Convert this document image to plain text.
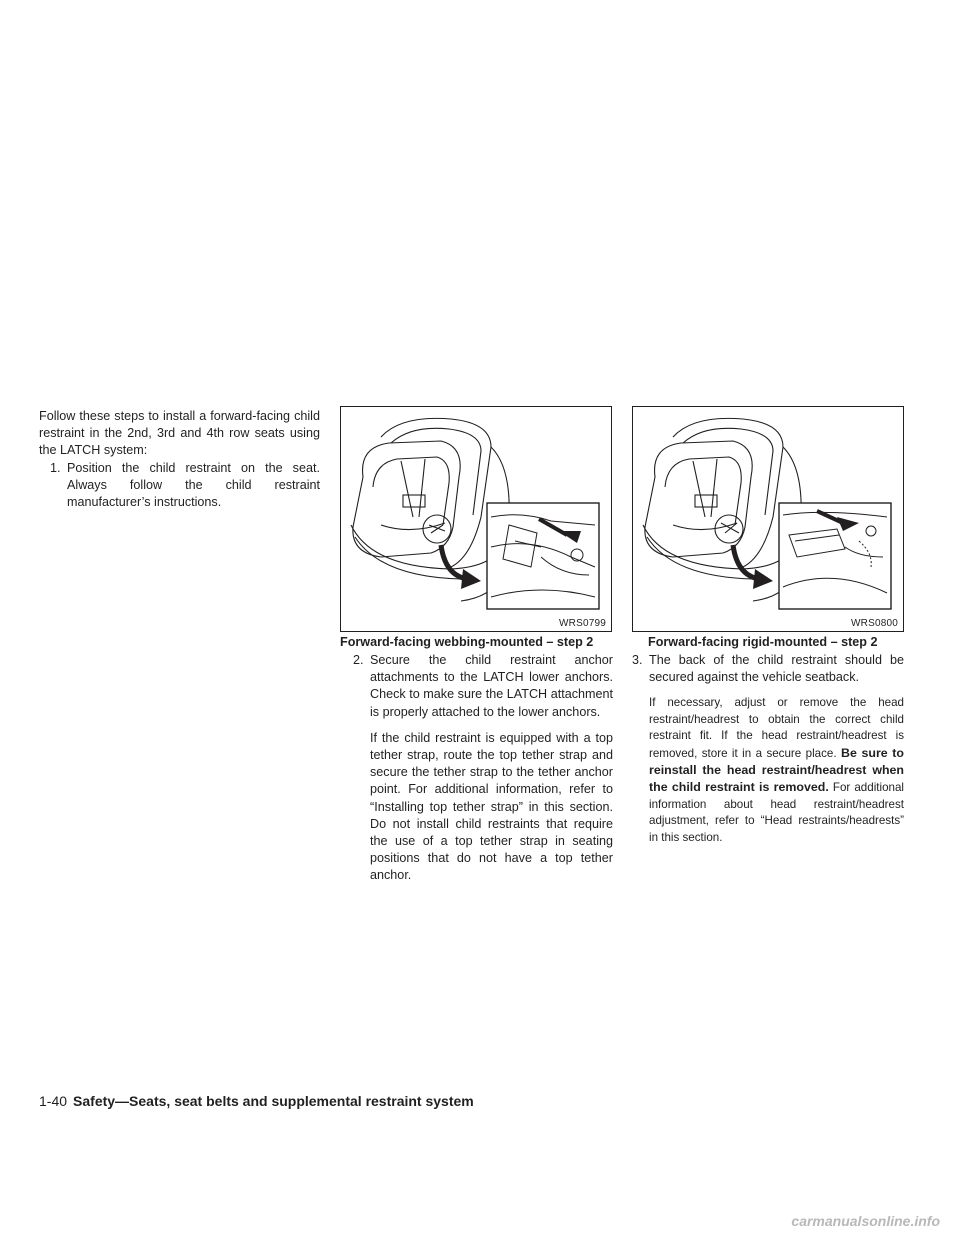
Follow these steps to install a forward-facing child restraint in the 2nd, 3rd and 4th row seats using the LATCH system:

1. Position the child restraint on the seat. Always follow the child restraint manufacturer’s instructions.

WRS0799
Forward-facing webbing-mounted – step 2
WRS0800
Forward-facing rigid-mounted – step 2

2. Secure the child restraint anchor attachments to the LATCH lower anchors. Check to make sure the LATCH attachment is properly attached to the lower anchors.

If the child restraint is equipped with a top tether strap, route the top tether strap and secure the tether strap to the tether anchor point. For additional information, refer to “Installing top tether strap” in this section. Do not install child restraints that require the use of a top tether strap in seating positions that do not have a top tether anchor.

3. The back of the child restraint should be secured against the vehicle seatback.

If necessary, adjust or remove the head restraint/headrest to obtain the correct child restraint fit. If the head restraint/headrest is removed, store it in a secure place. Be sure to reinstall the head restraint/headrest when the child restraint is removed. For additional information about head restraint/headrest adjustment, refer to “Head restraints/headrests” in this section.

1-40 Safety—Seats, seat belts and supplemental restraint system
carmanualsonline.info
